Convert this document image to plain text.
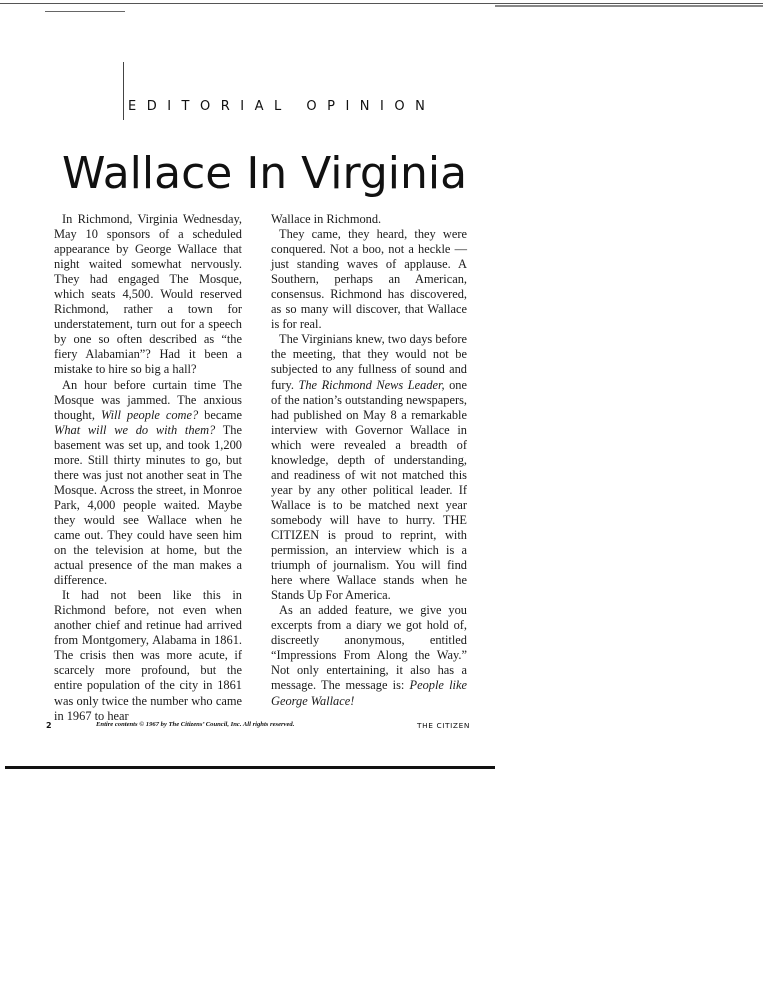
EDITORIAL OPINION
Wallace In Virginia

In Richmond, Virginia Wednesday, May 10 sponsors of a scheduled appearance by George Wallace that night waited somewhat nervously. They had engaged The Mosque, which seats 4,500. Would reserved Richmond, rather a town for understatement, turn out for a speech by one so often described as “the fiery Alabamian”? Had it been a mistake to hire so big a hall?

An hour before curtain time The Mosque was jammed. The anxious thought, Will people come? became What will we do with them? The basement was set up, and took 1,200 more. Still thirty minutes to go, but there was just not another seat in The Mosque. Across the street, in Monroe Park, 4,000 people waited. Maybe they would see Wallace when he came out. They could have seen him on the television at home, but the actual presence of the man makes a difference.

It had not been like this in Richmond before, not even when another chief and retinue had arrived from Montgomery, Alabama in 1861. The crisis then was more acute, if scarcely more profound, but the entire population of the city in 1861 was only twice the number who came in 1967 to hear

Wallace in Richmond.

They came, they heard, they were conquered. Not a boo, not a heckle — just standing waves of applause. A Southern, perhaps an American, consensus. Richmond has discovered, as so many will discover, that Wallace is for real.

The Virginians knew, two days before the meeting, that they would not be subjected to any fullness of sound and fury. The Richmond News Leader, one of the nation’s outstanding newspapers, had published on May 8 a remarkable interview with Governor Wallace in which were revealed a breadth of knowledge, depth of understanding, and readiness of wit not matched this year by any other political leader. If Wallace is to be matched next year somebody will have to hurry. THE CITIZEN is proud to reprint, with permission, an interview which is a triumph of journalism. You will find here where Wallace stands when he Stands Up For America.

As an added feature, we give you excerpts from a diary we got hold of, discreetly anonymous, entitled “Impressions From Along the Way.” Not only entertaining, it also has a message. The message is: People like George Wallace!

2	Entire contents © 1967 by The Citizens’ Council, Inc. All rights reserved.	THE CITIZEN
